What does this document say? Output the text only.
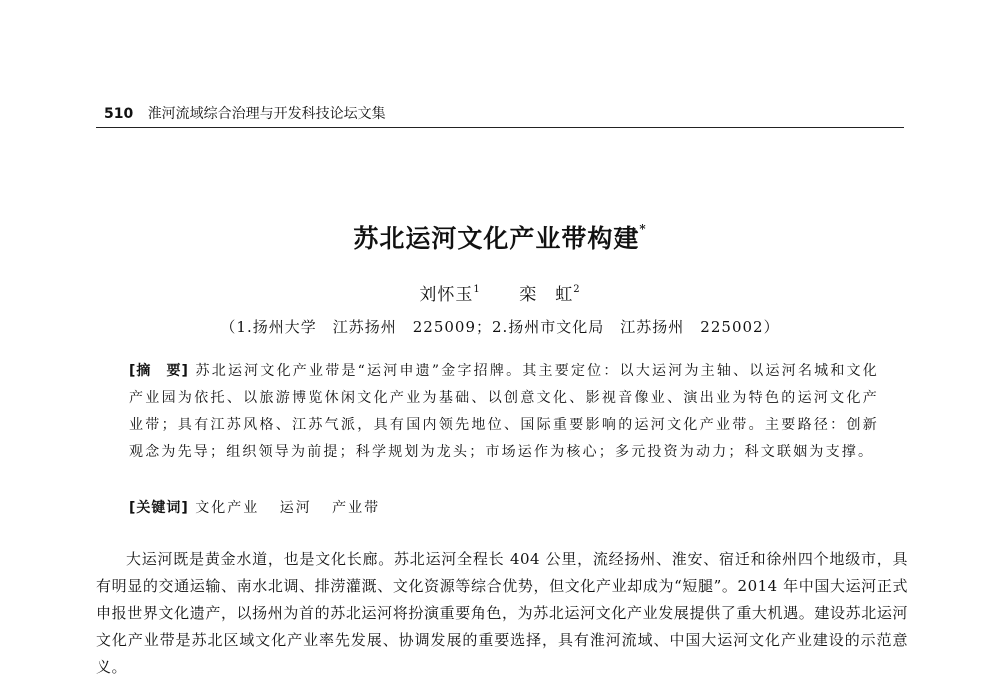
510 淮河流域综合治理与开发科技论坛文集
苏北运河文化产业带构建*
刘怀玉$^1$ 栾　虹$^2$
（1.扬州大学　江苏扬州　225009；2.扬州市文化局　江苏扬州　225002）
[摘　要] 苏北运河文化产业带是“运河申遗”金字招牌。其主要定位：以大运河为主轴、以运河名城和文化产业园为依托、以旅游博览休闲文化产业为基础、以创意文化、影视音像业、演出业为特色的运河文化产业带；具有江苏风格、江苏气派，具有国内领先地位、国际重要影响的运河文化产业带。主要路径：创新观念为先导；组织领导为前提；科学规划为龙头；市场运作为核心；多元投资为动力；科文联姻为支撑。
[关键词] 文化产业 运河 产业带
大运河既是黄金水道，也是文化长廊。苏北运河全程长 404 公里，流经扬州、淮安、宿迁和徐州四个地级市，具有明显的交通运输、南水北调、排涝灌溉、文化资源等综合优势，但文化产业却成为“短腿”。2014 年中国大运河正式申报世界文化遗产，以扬州为首的苏北运河将扮演重要角色，为苏北运河文化产业发展提供了重大机遇。建设苏北运河文化产业带是苏北区域文化产业率先发展、协调发展的重要选择，具有淮河流域、中国大运河文化产业建设的示范意义。
